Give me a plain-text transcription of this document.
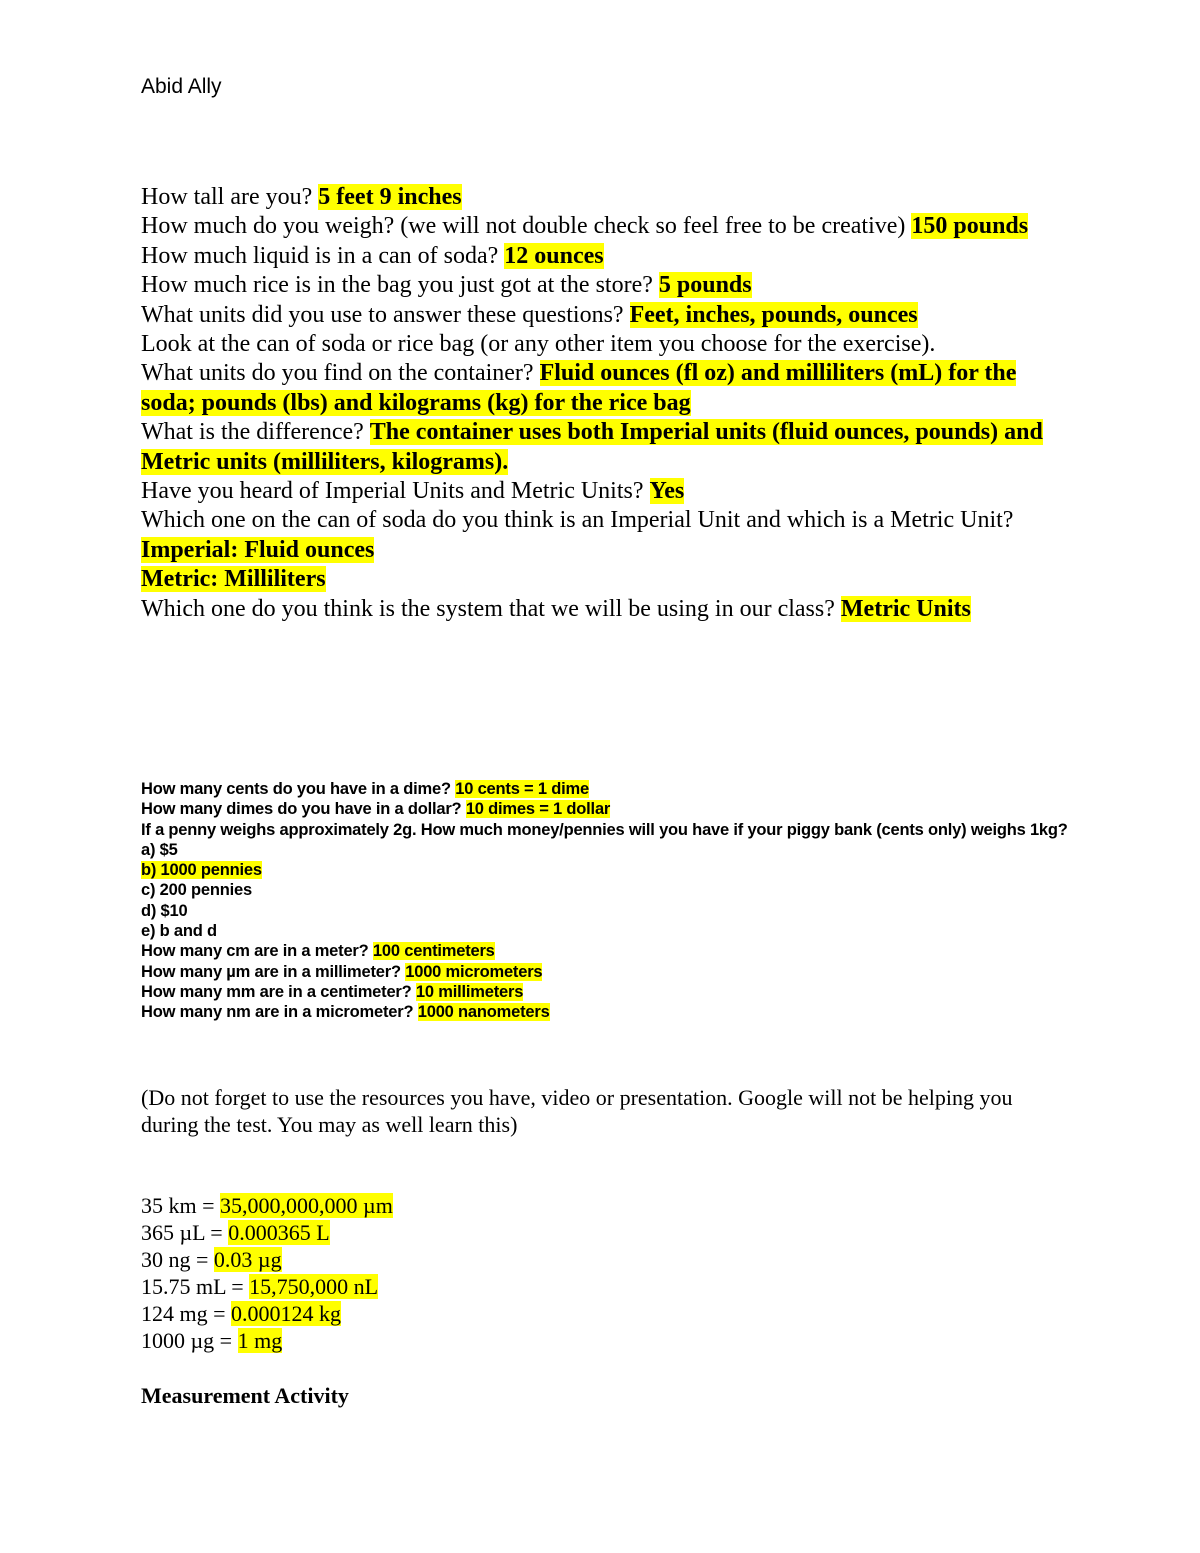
Abid Ally
How tall are you? 5 feet 9 inches
How much do you weigh? (we will not double check so feel free to be creative) 150 pounds
How much liquid is in a can of soda? 12 ounces
How much rice is in the bag you just got at the store? 5 pounds
What units did you use to answer these questions? Feet, inches, pounds, ounces
Look at the can of soda or rice bag (or any other item you choose for the exercise).
What units do you find on the container? Fluid ounces (fl oz) and milliliters (mL) for the soda; pounds (lbs) and kilograms (kg) for the rice bag
What is the difference? The container uses both Imperial units (fluid ounces, pounds) and Metric units (milliliters, kilograms).
Have you heard of Imperial Units and Metric Units? Yes
Which one on the can of soda do you think is an Imperial Unit and which is a Metric Unit?
Imperial: Fluid ounces
Metric: Milliliters
Which one do you think is the system that we will be using in our class? Metric Units
How many cents do you have in a dime? 10 cents = 1 dime
How many dimes do you have in a dollar? 10 dimes = 1 dollar
If a penny weighs approximately 2g. How much money/pennies will you have if your piggy bank (cents only) weighs 1kg?
a) $5
b) 1000 pennies
c) 200 pennies
d) $10
e) b and d
How many cm are in a meter? 100 centimeters
How many µm are in a millimeter? 1000 micrometers
How many mm are in a centimeter? 10 millimeters
How many nm are in a micrometer? 1000 nanometers
(Do not forget to use the resources you have, video or presentation. Google will not be helping you during the test. You may as well learn this)
35 km = 35,000,000,000 µm
365 µL = 0.000365 L
30 ng = 0.03 µg
15.75 mL = 15,750,000 nL
124 mg = 0.000124 kg
1000 µg = 1 mg
Measurement Activity
